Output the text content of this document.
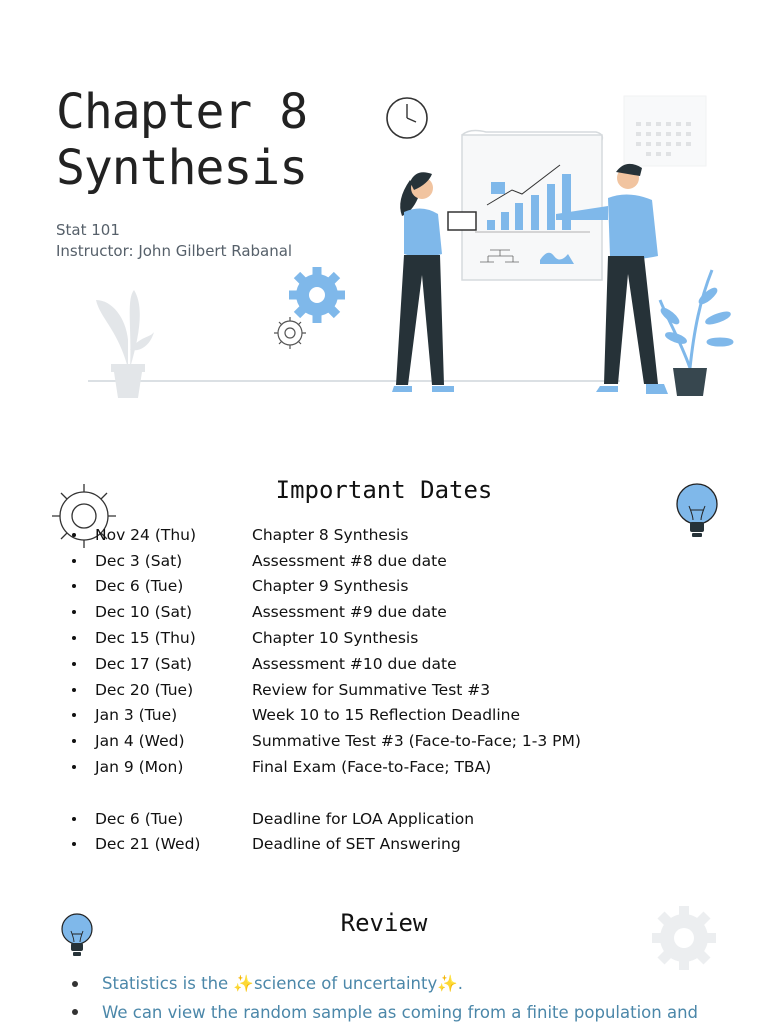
Chapter 8
Synthesis
Stat 101
Instructor: John Gilbert Rabanal
Important Dates
Nov 24 (Thu)	Chapter 8 Synthesis
Dec 3 (Sat)	Assessment #8 due date
Dec 6 (Tue)	Chapter 9 Synthesis
Dec 10 (Sat)	Assessment #9 due date
Dec 15 (Thu)	Chapter 10 Synthesis
Dec 17 (Sat)	Assessment #10 due date
Dec 20 (Tue)	Review for Summative Test #3
Jan 3 (Tue)	Week 10 to 15 Reflection Deadline
Jan 4 (Wed)	Summative Test #3 (Face-to-Face; 1-3 PM)
Jan 9 (Mon)	Final Exam (Face-to-Face; TBA)
Dec 6 (Tue)	Deadline for LOA Application
Dec 21 (Wed)	Deadline of SET Answering
Review
Statistics is the ✨science of uncertainty✨.
We can view the random sample as coming from a finite population and
